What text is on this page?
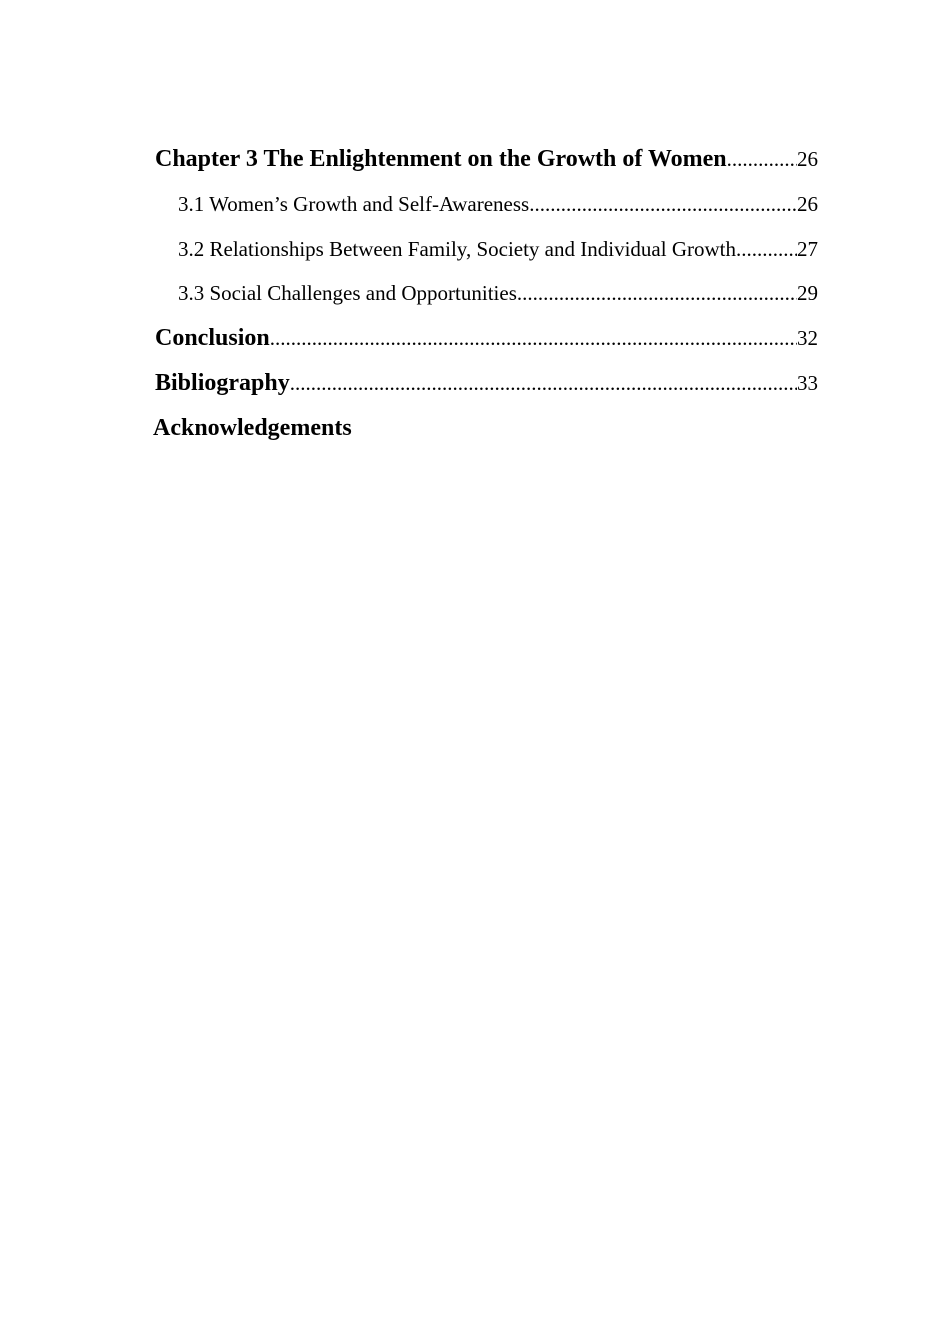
Chapter 3 The Enlightenment on the Growth of Women .....	26
3.1 Women’s Growth and Self-Awareness .....	26
3.2 Relationships Between Family, Society and Individual Growth .....	27
3.3 Social Challenges and Opportunities .....	29
Conclusion .....	32
Bibliography .....	33
Acknowledgements
